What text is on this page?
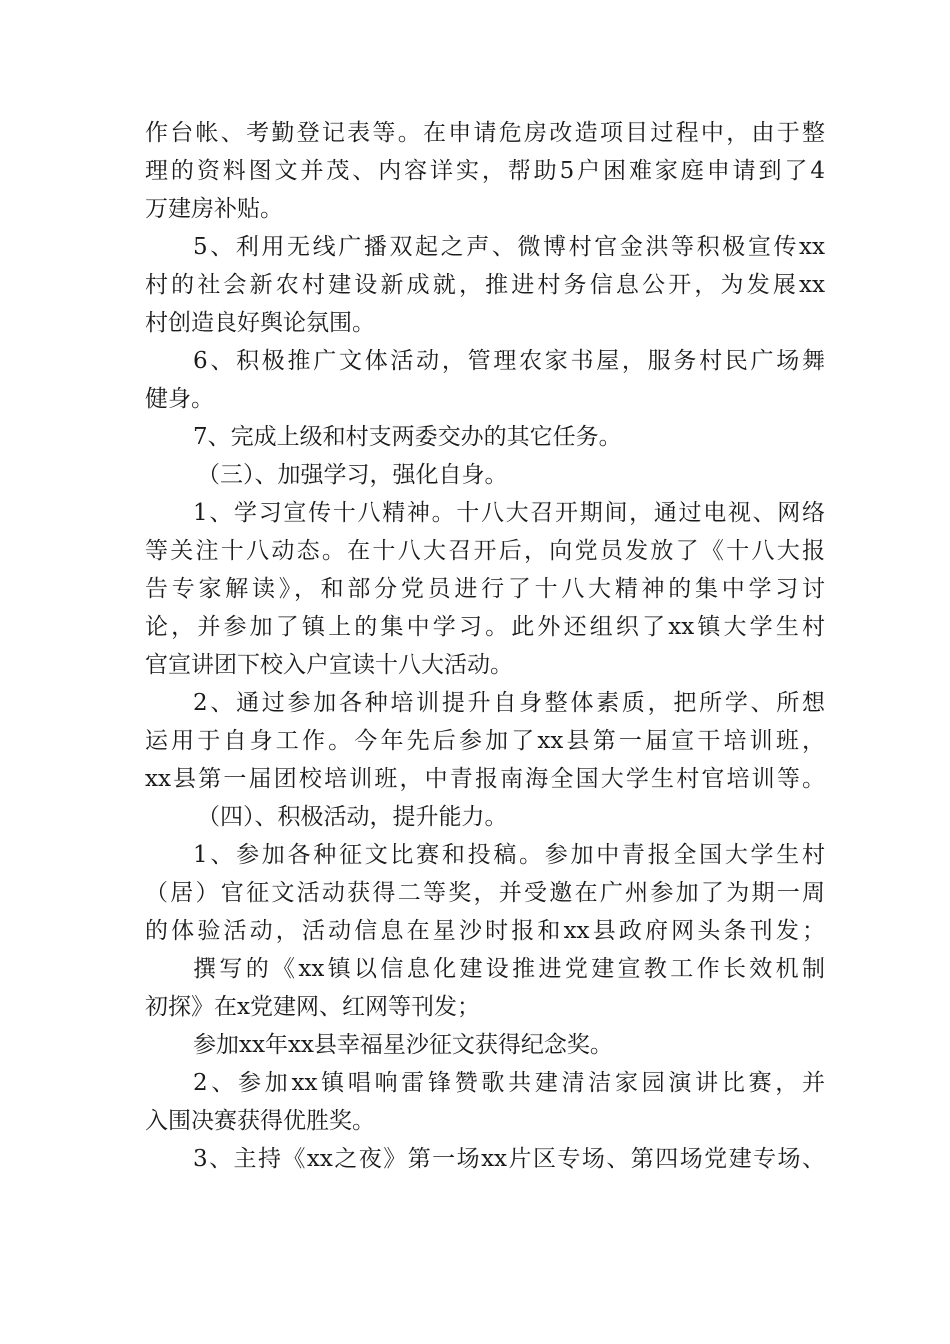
作台帐、考勤登记表等。在申请危房改造项目过程中，由于整
理的资料图文并茂、内容详实，帮助5户困难家庭申请到了4
万建房补贴。
5、利用无线广播双起之声、微博村官金洪等积极宣传xx
村的社会新农村建设新成就，推进村务信息公开，为发展xx
村创造良好舆论氛围。
6、积极推广文体活动，管理农家书屋，服务村民广场舞
健身。
7、完成上级和村支两委交办的其它任务。
（三）、加强学习，强化自身。
1、学习宣传十八精神。十八大召开期间，通过电视、网络
等关注十八动态。在十八大召开后，向党员发放了《十八大报
告专家解读》，和部分党员进行了十八大精神的集中学习讨
论，并参加了镇上的集中学习。此外还组织了xx镇大学生村
官宣讲团下校入户宣读十八大活动。
2、通过参加各种培训提升自身整体素质，把所学、所想
运用于自身工作。今年先后参加了xx县第一届宣干培训班，
xx县第一届团校培训班，中青报南海全国大学生村官培训等。
（四）、积极活动，提升能力。
1、参加各种征文比赛和投稿。参加中青报全国大学生村
（居）官征文活动获得二等奖，并受邀在广州参加了为期一周
的体验活动，活动信息在星沙时报和xx县政府网头条刊发；
撰写的《xx镇以信息化建设推进党建宣教工作长效机制
初探》在x党建网、红网等刊发；
参加xx年xx县幸福星沙征文获得纪念奖。
2、参加xx镇唱响雷锋赞歌共建清洁家园演讲比赛，并
入围决赛获得优胜奖。
3、主持《xx之夜》第一场xx片区专场、第四场党建专场、
